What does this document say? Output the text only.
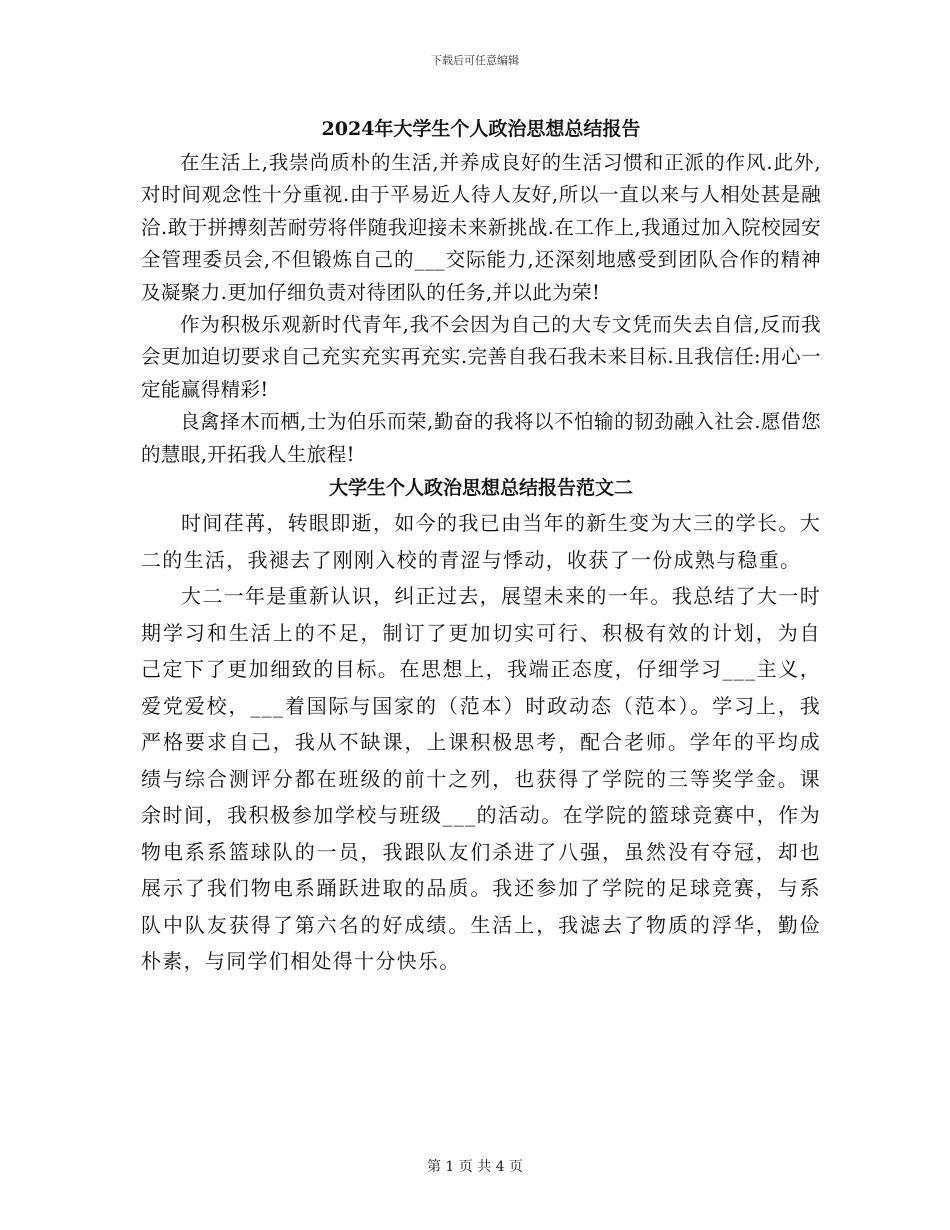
下载后可任意编辑
2024年大学生个人政治思想总结报告

在生活上,我崇尚质朴的生活,并养成良好的生活习惯和正派的作风.此外,对时间观念性十分重视.由于平易近人待人友好,所以一直以来与人相处甚是融洽.敢于拼搏刻苦耐劳将伴随我迎接未来新挑战.在工作上,我通过加入院校园安全管理委员会,不但锻炼自己的___交际能力,还深刻地感受到团队合作的精神及凝聚力.更加仔细负责对待团队的任务,并以此为荣!

作为积极乐观新时代青年,我不会因为自己的大专文凭而失去自信,反而我会更加迫切要求自己充实充实再充实.完善自我石我未来目标.且我信任:用心一定能赢得精彩!

良禽择木而栖,士为伯乐而荣,勤奋的我将以不怕输的韧劲融入社会.愿借您的慧眼,开拓我人生旅程!

大学生个人政治思想总结报告范文二

时间荏苒，转眼即逝，如今的我已由当年的新生变为大三的学长。大二的生活，我褪去了刚刚入校的青涩与悸动，收获了一份成熟与稳重。

大二一年是重新认识，纠正过去，展望未来的一年。我总结了大一时期学习和生活上的不足，制订了更加切实可行、积极有效的计划，为自己定下了更加细致的目标。在思想上，我端正态度，仔细学习___主义，爱党爱校，___着国际与国家的（范本）时政动态（范本）。学习上，我严格要求自己，我从不缺课，上课积极思考，配合老师。学年的平均成绩与综合测评分都在班级的前十之列，也获得了学院的三等奖学金。课余时间，我积极参加学校与班级___的活动。在学院的篮球竞赛中，作为物电系系篮球队的一员，我跟队友们杀进了八强，虽然没有夺冠，却也展示了我们物电系踊跃进取的品质。我还参加了学院的足球竞赛，与系队中队友获得了第六名的好成绩。生活上，我滤去了物质的浮华，勤俭朴素，与同学们相处得十分快乐。

第 1 页 共 4 页
